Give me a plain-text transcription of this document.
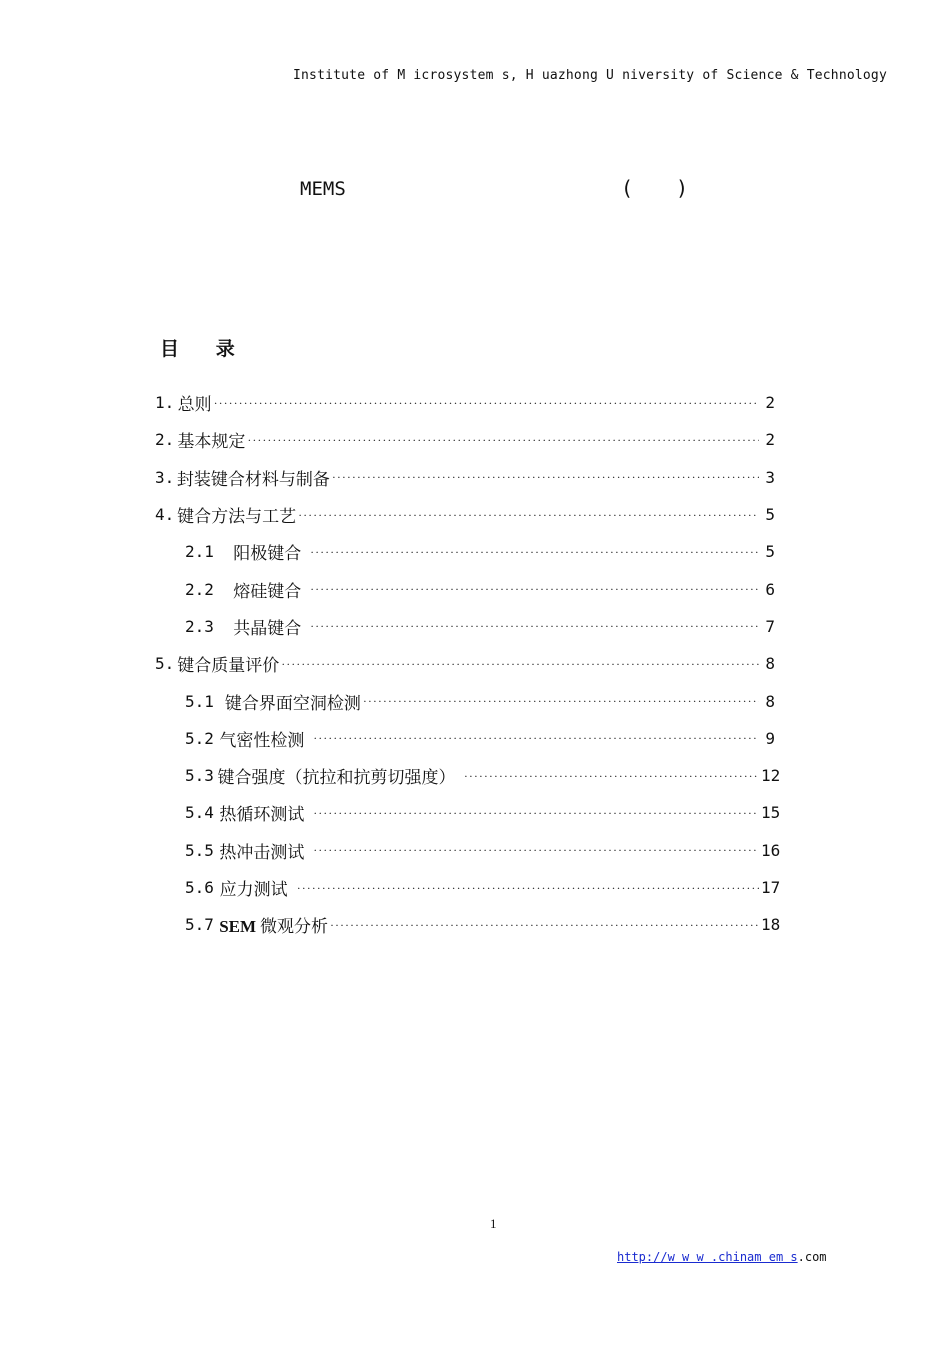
Institute of M icrosystem s, H uazhong U niversity of Science & Technology
MEMS	( )
目 录
1. 总则 ·····	2
2. 基本规定 ·····	2
3. 封装键合材料与制备 ·····	3
4. 键合方法与工艺 ·····	5
2.1 阳极键合 ·····	5
2.2 熔硅键合 ·····	6
2.3 共晶键合 ·····	7
5. 键合质量评价 ·····	8
5.1 键合界面空洞检测 ·····	8
5.2 气密性检测 ·····	9
5.3 键合强度（抗拉和抗剪切强度） ·····	12
5.4 热循环测试 ·····	15
5.5 热冲击测试 ·····	16
5.6 应力测试 ·····	17
5.7 SEM 微观分析 ·····	18
1
http://w w w .chinam em s.com
